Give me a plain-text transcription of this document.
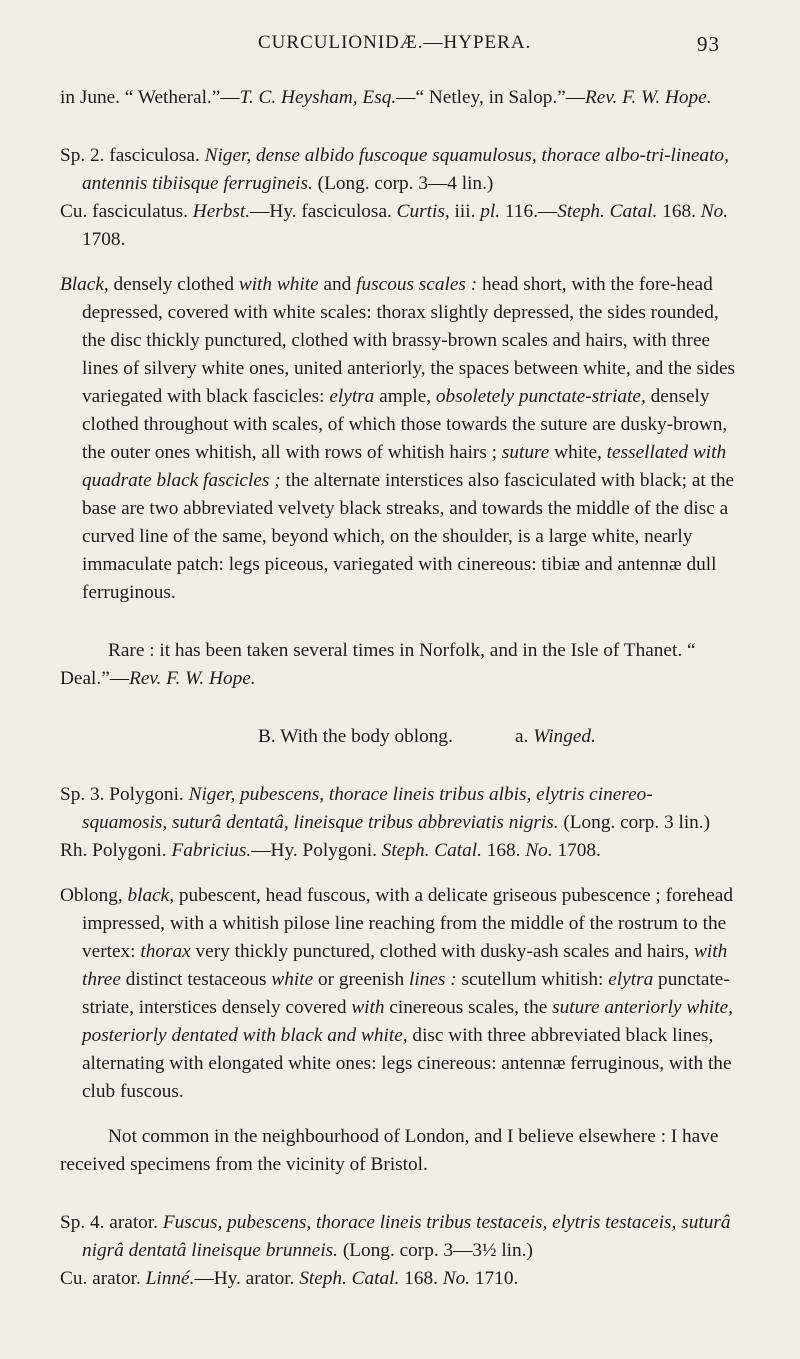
CURCULIONIDÆ.—HYPERA.	93

in June. “ Wetheral.”—T. C. Heysham, Esq.—“ Netley, in Salop.”—Rev. F. W. Hope.

Sp. 2. fasciculosa. Niger, dense albido fuscoque squamulosus, thorace albo-tri-lineato, antennis tibiisque ferrugineis. (Long. corp. 3—4 lin.)

Cu. fasciculatus. Herbst.—Hy. fasciculosa. Curtis, iii. pl. 116.—Steph. Catal. 168. No. 1708.

Black, densely clothed with white and fuscous scales : head short, with the fore-head depressed, covered with white scales: thorax slightly depressed, the sides rounded, the disc thickly punctured, clothed with brassy-brown scales and hairs, with three lines of silvery white ones, united anteriorly, the spaces between white, and the sides variegated with black fascicles: elytra ample, obsoletely punctate-striate, densely clothed throughout with scales, of which those towards the suture are dusky-brown, the outer ones whitish, all with rows of whitish hairs ; suture white, tessellated with quadrate black fascicles ; the alternate interstices also fasciculated with black; at the base are two abbreviated velvety black streaks, and towards the middle of the disc a curved line of the same, beyond which, on the shoulder, is a large white, nearly immaculate patch: legs piceous, variegated with cinereous: tibiæ and antennæ dull ferruginous.

Rare : it has been taken several times in Norfolk, and in the Isle of Thanet. “ Deal.”—Rev. F. W. Hope.

B. With the body oblong.	a. Winged.

Sp. 3. Polygoni. Niger, pubescens, thorace lineis tribus albis, elytris cinereo-squamosis, suturâ dentatâ, lineisque tribus abbreviatis nigris. (Long. corp. 3 lin.)

Rh. Polygoni. Fabricius.—Hy. Polygoni. Steph. Catal. 168. No. 1708.

Oblong, black, pubescent, head fuscous, with a delicate griseous pubescence ; forehead impressed, with a whitish pilose line reaching from the middle of the rostrum to the vertex: thorax very thickly punctured, clothed with dusky-ash scales and hairs, with three distinct testaceous white or greenish lines : scutellum whitish: elytra punctate-striate, interstices densely covered with cinereous scales, the suture anteriorly white, posteriorly dentated with black and white, disc with three abbreviated black lines, alternating with elongated white ones: legs cinereous: antennæ ferruginous, with the club fuscous.

Not common in the neighbourhood of London, and I believe elsewhere : I have received specimens from the vicinity of Bristol.

Sp. 4. arator. Fuscus, pubescens, thorace lineis tribus testaceis, elytris testaceis, suturâ nigrâ dentatâ lineisque brunneis. (Long. corp. 3—3½ lin.)

Cu. arator. Linné.—Hy. arator. Steph. Catal. 168. No. 1710.
